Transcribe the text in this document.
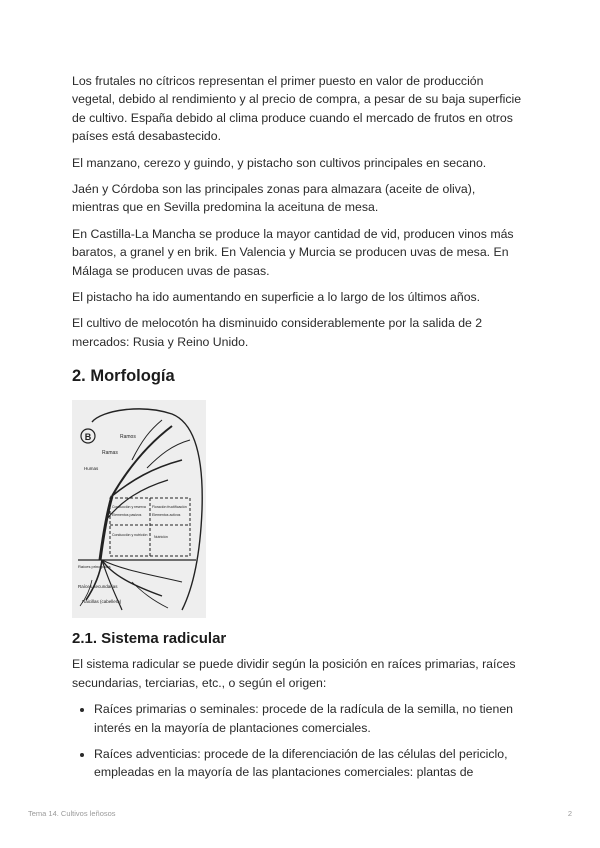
Los frutales no cítricos representan el primer puesto en valor de producción vegetal, debido al rendimiento y al precio de compra, a pesar de su baja superficie de cultivo. España debido al clima produce cuando el mercado de frutos en otros países está desabastecido.

El manzano, cerezo y guindo, y pistacho son cultivos principales en secano.

Jaén y Córdoba son las principales zonas para almazara (aceite de oliva), mientras que en Sevilla predomina la aceituna de mesa.

En Castilla-La Mancha se produce la mayor cantidad de vid, producen vinos más baratos, a granel y en brik. En Valencia y Murcia se producen uvas de mesa. En Málaga se producen uvas de pasas.

El pistacho ha ido aumentando en superficie a lo largo de los últimos años.

El cultivo de melocotón ha disminuido considerablemente por la salida de 2 mercados: Rusia y Reino Unido.

2. Morfología
B	Ramos
Ramas
Humas
Conducción y reserva
Elementos pasivos
Floración fructificación
Elementos activos
Conducción y nutrición Nutrición
Raíces principales
Raíces secundarias
Raicillas (cabellera)
2.1. Sistema radicular

El sistema radicular se puede dividir según la posición en raíces primarias, raíces secundarias, terciarias, etc., o según el origen:

• Raíces primarias o seminales: procede de la radícula de la semilla, no tienen interés en la mayoría de plantaciones comerciales.
• Raíces adventicias: procede de la diferenciación de las células del periciclo, empleadas en la mayoría de las plantaciones comerciales: plantas de
Tema 14. Cultivos leñosos	2
